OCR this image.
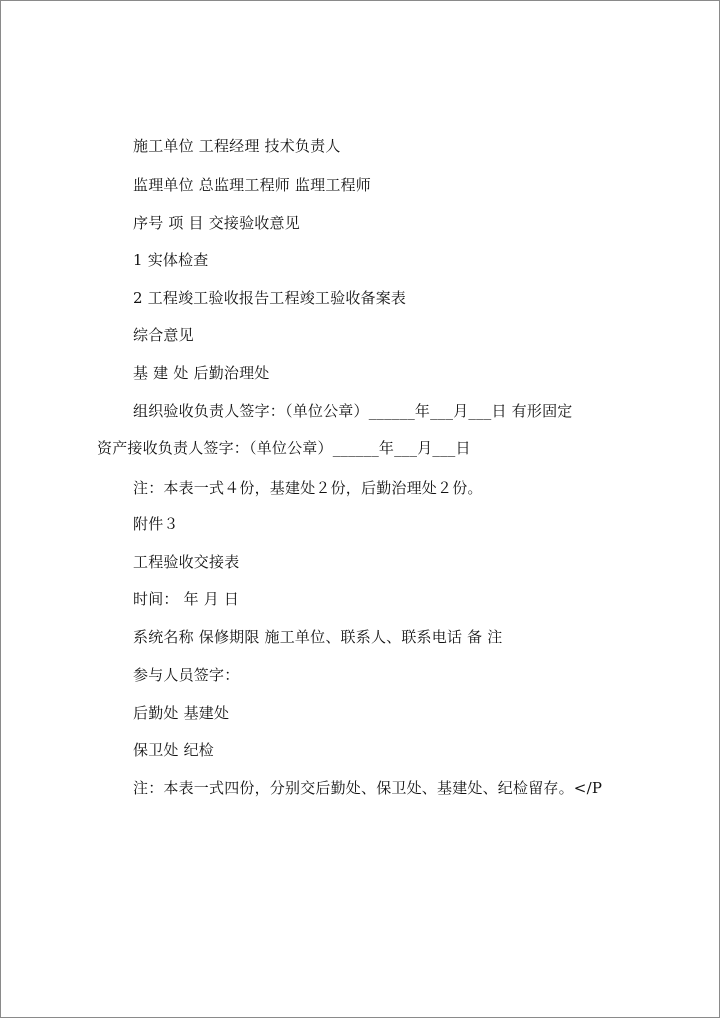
施工单位 工程经理 技术负责人
监理单位 总监理工程师 监理工程师
序号 项 目 交接验收意见
1 实体检查
2 工程竣工验收报告工程竣工验收备案表
综合意见
基 建 处 后勤治理处
组织验收负责人签字：（单位公章）______年___月___日 有形固定
资产接收负责人签字：（单位公章）______年___月___日
注：本表一式４份，基建处２份，后勤治理处２份。
附件３
工程验收交接表
时间： 年 月 日
系统名称 保修期限 施工单位、联系人、联系电话 备 注
参与人员签字：
后勤处 基建处
保卫处 纪检
注：本表一式四份，分别交后勤处、保卫处、基建处、纪检留存。</P
